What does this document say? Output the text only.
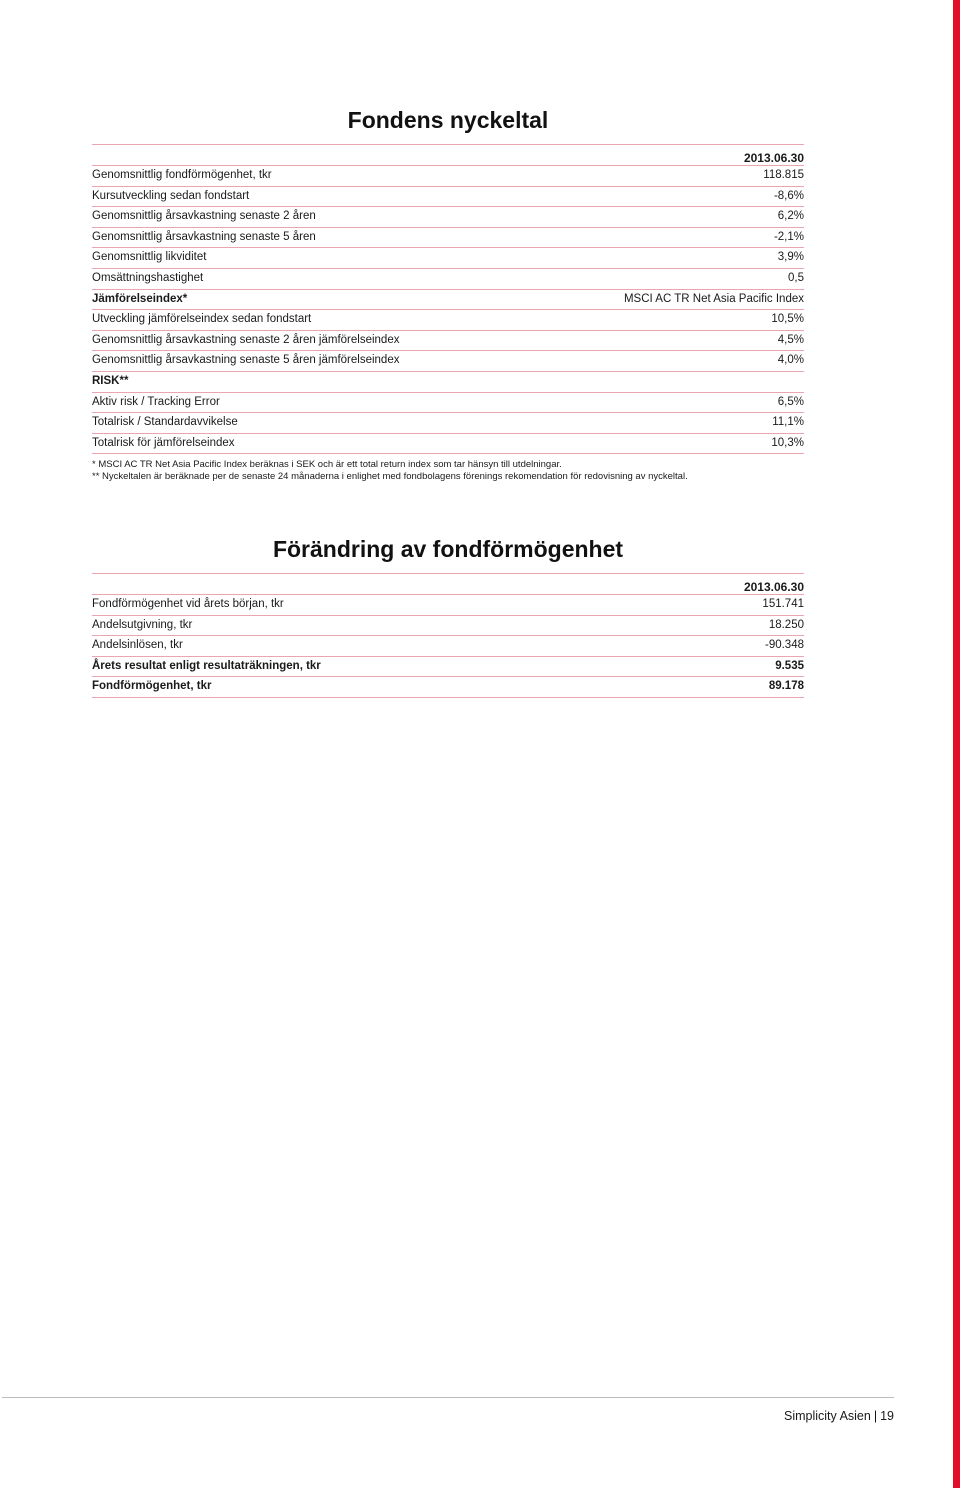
Fondens nyckeltal
2013.06.30
Genomsnittlig fondförmögenhet, tkr	118.815
Kursutveckling sedan fondstart	-8,6%
Genomsnittlig årsavkastning senaste 2 åren	6,2%
Genomsnittlig årsavkastning senaste 5 åren	-2,1%
Genomsnittlig likviditet	3,9%
Omsättningshastighet	0,5
Jämförelseindex*	MSCI AC TR Net Asia Pacific Index
Utveckling jämförelseindex sedan fondstart	10,5%
Genomsnittlig årsavkastning senaste 2 åren jämförelseindex	4,5%
Genomsnittlig årsavkastning senaste 5 åren jämförelseindex	4,0%
RISK**
Aktiv risk / Tracking Error	6,5%
Totalrisk / Standardavvikelse	11,1%
Totalrisk för jämförelseindex	10,3%
* MSCI AC TR Net Asia Pacific Index beräknas i SEK och är ett total return index som tar hänsyn till utdelningar.
** Nyckeltalen är beräknade per de senaste 24 månaderna i enlighet med fondbolagens förenings rekomendation för redovisning av nyckeltal.
Förändring av fondförmögenhet
2013.06.30
Fondförmögenhet vid årets början, tkr	151.741
Andelsutgivning, tkr	18.250
Andelsinlösen, tkr	-90.348
Årets resultat enligt resultaträkningen, tkr	9.535
Fondförmögenhet, tkr	89.178
Simplicity Asien | 19
